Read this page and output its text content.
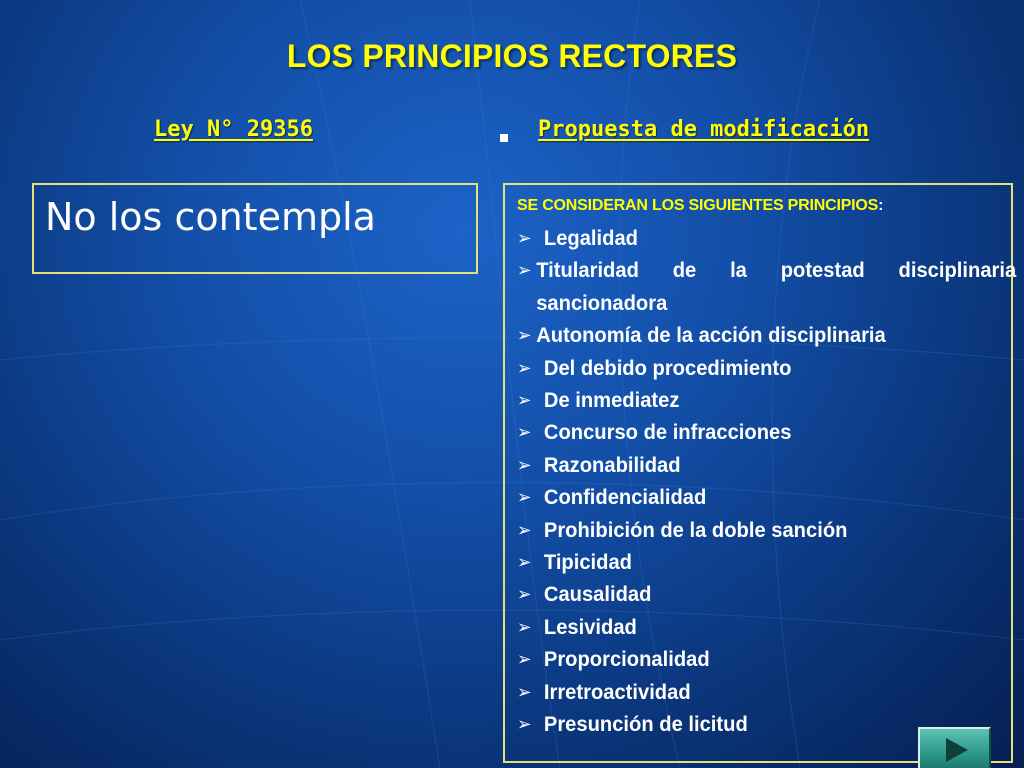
LOS PRINCIPIOS RECTORES
Ley N° 29356	Propuesta de modificación
No los contempla	SE CONSIDERAN LOS SIGUIENTES PRINCIPIOS:
➢ Legalidad
➢ Titularidad de la potestad disciplinaria sancionadora
➢ Autonomía de la acción disciplinaria
➢ Del debido procedimiento
➢ De inmediatez
➢ Concurso de infracciones
➢ Razonabilidad
➢ Confidencialidad
➢ Prohibición de la doble sanción
➢ Tipicidad
➢ Causalidad
➢ Lesividad
➢ Proporcionalidad
➢ Irretroactividad
➢ Presunción de licitud
